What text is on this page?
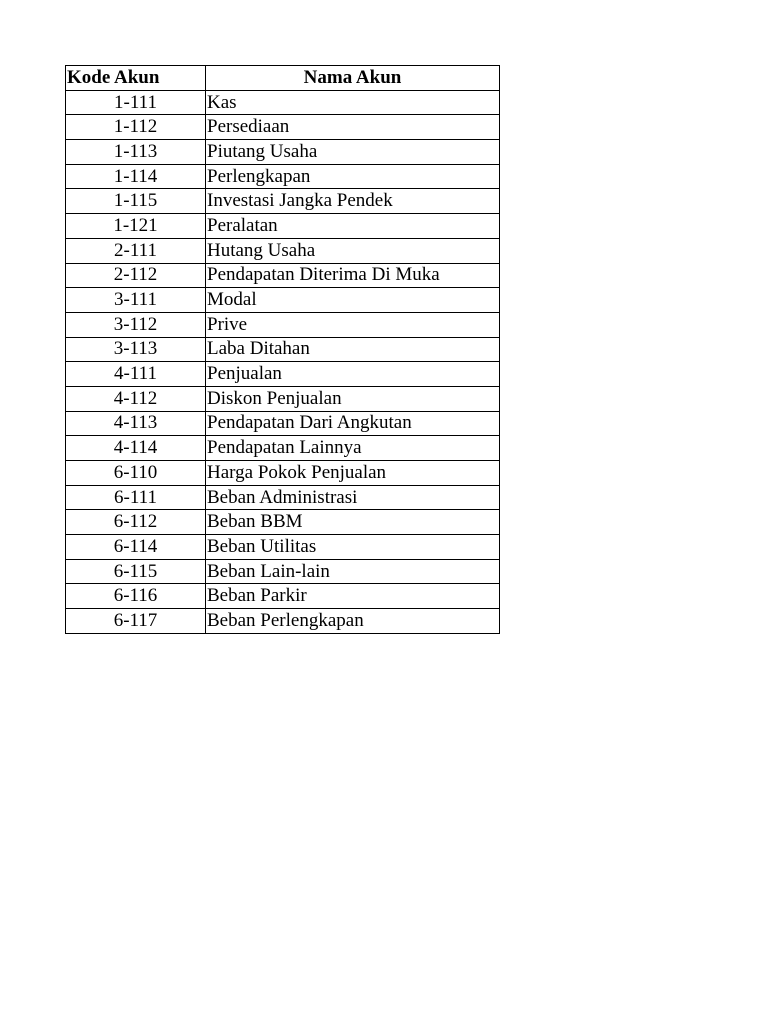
Kode Akun	Nama Akun
1-111	Kas
1-112	Persediaan
1-113	Piutang Usaha
1-114	Perlengkapan
1-115	Investasi Jangka Pendek
1-121	Peralatan
2-111	Hutang Usaha
2-112	Pendapatan Diterima Di Muka
3-111	Modal
3-112	Prive
3-113	Laba Ditahan
4-111	Penjualan
4-112	Diskon Penjualan
4-113	Pendapatan Dari Angkutan
4-114	Pendapatan Lainnya
6-110	Harga Pokok Penjualan
6-111	Beban Administrasi
6-112	Beban BBM
6-114	Beban Utilitas
6-115	Beban Lain-lain
6-116	Beban Parkir
6-117	Beban Perlengkapan
